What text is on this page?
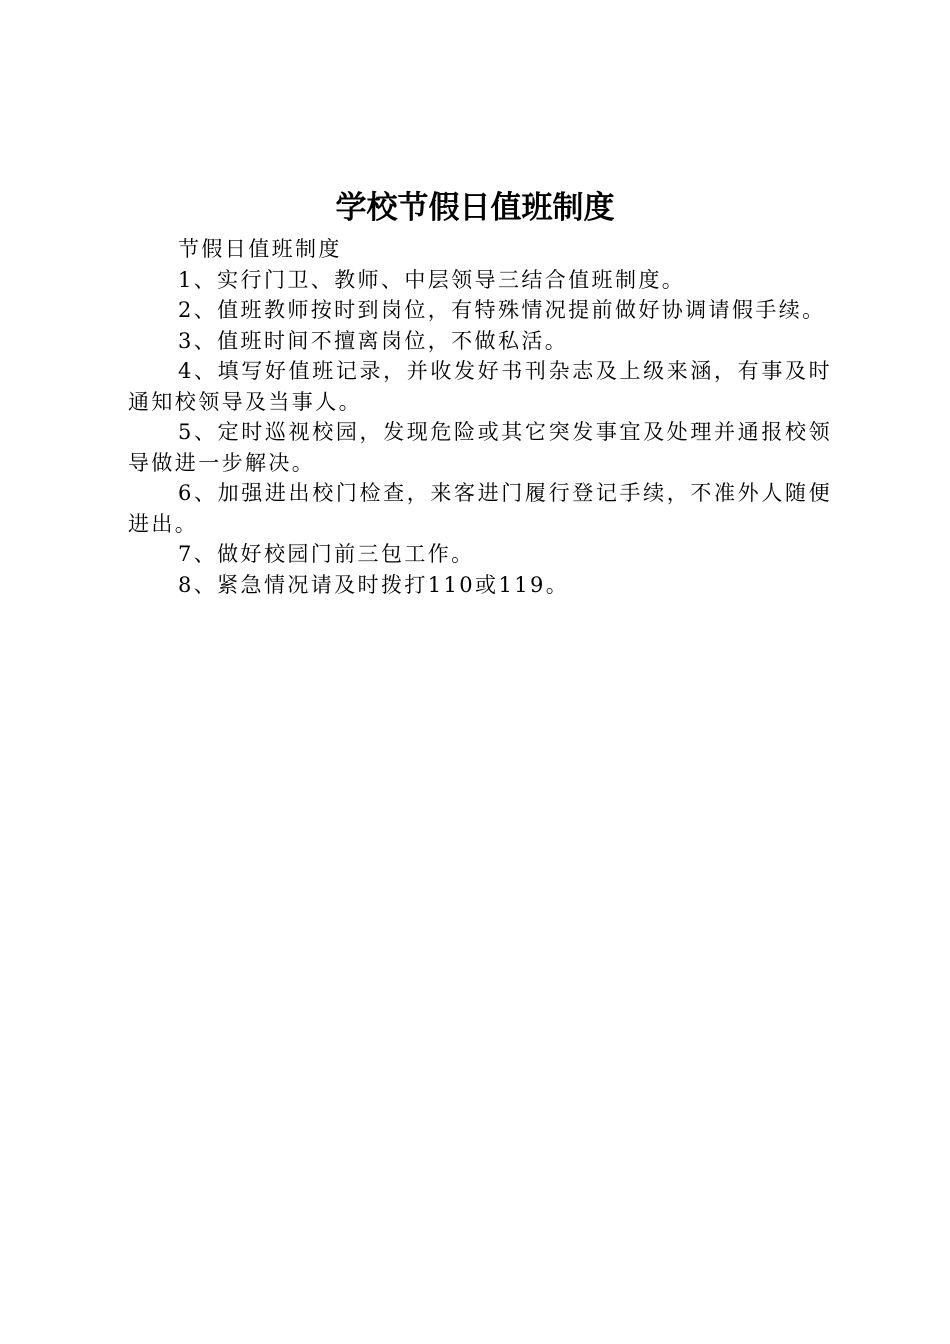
学校节假日值班制度

节假日值班制度

1、实行门卫、教师、中层领导三结合值班制度。

2、值班教师按时到岗位，有特殊情况提前做好协调请假手续。

3、值班时间不擅离岗位，不做私活。

4、填写好值班记录，并收发好书刊杂志及上级来涵，有事及时通知校领导及当事人。

5、定时巡视校园，发现危险或其它突发事宜及处理并通报校领导做进一步解决。

6、加强进出校门检查，来客进门履行登记手续，不准外人随便进出。

7、做好校园门前三包工作。

8、紧急情况请及时拨打110或119。
